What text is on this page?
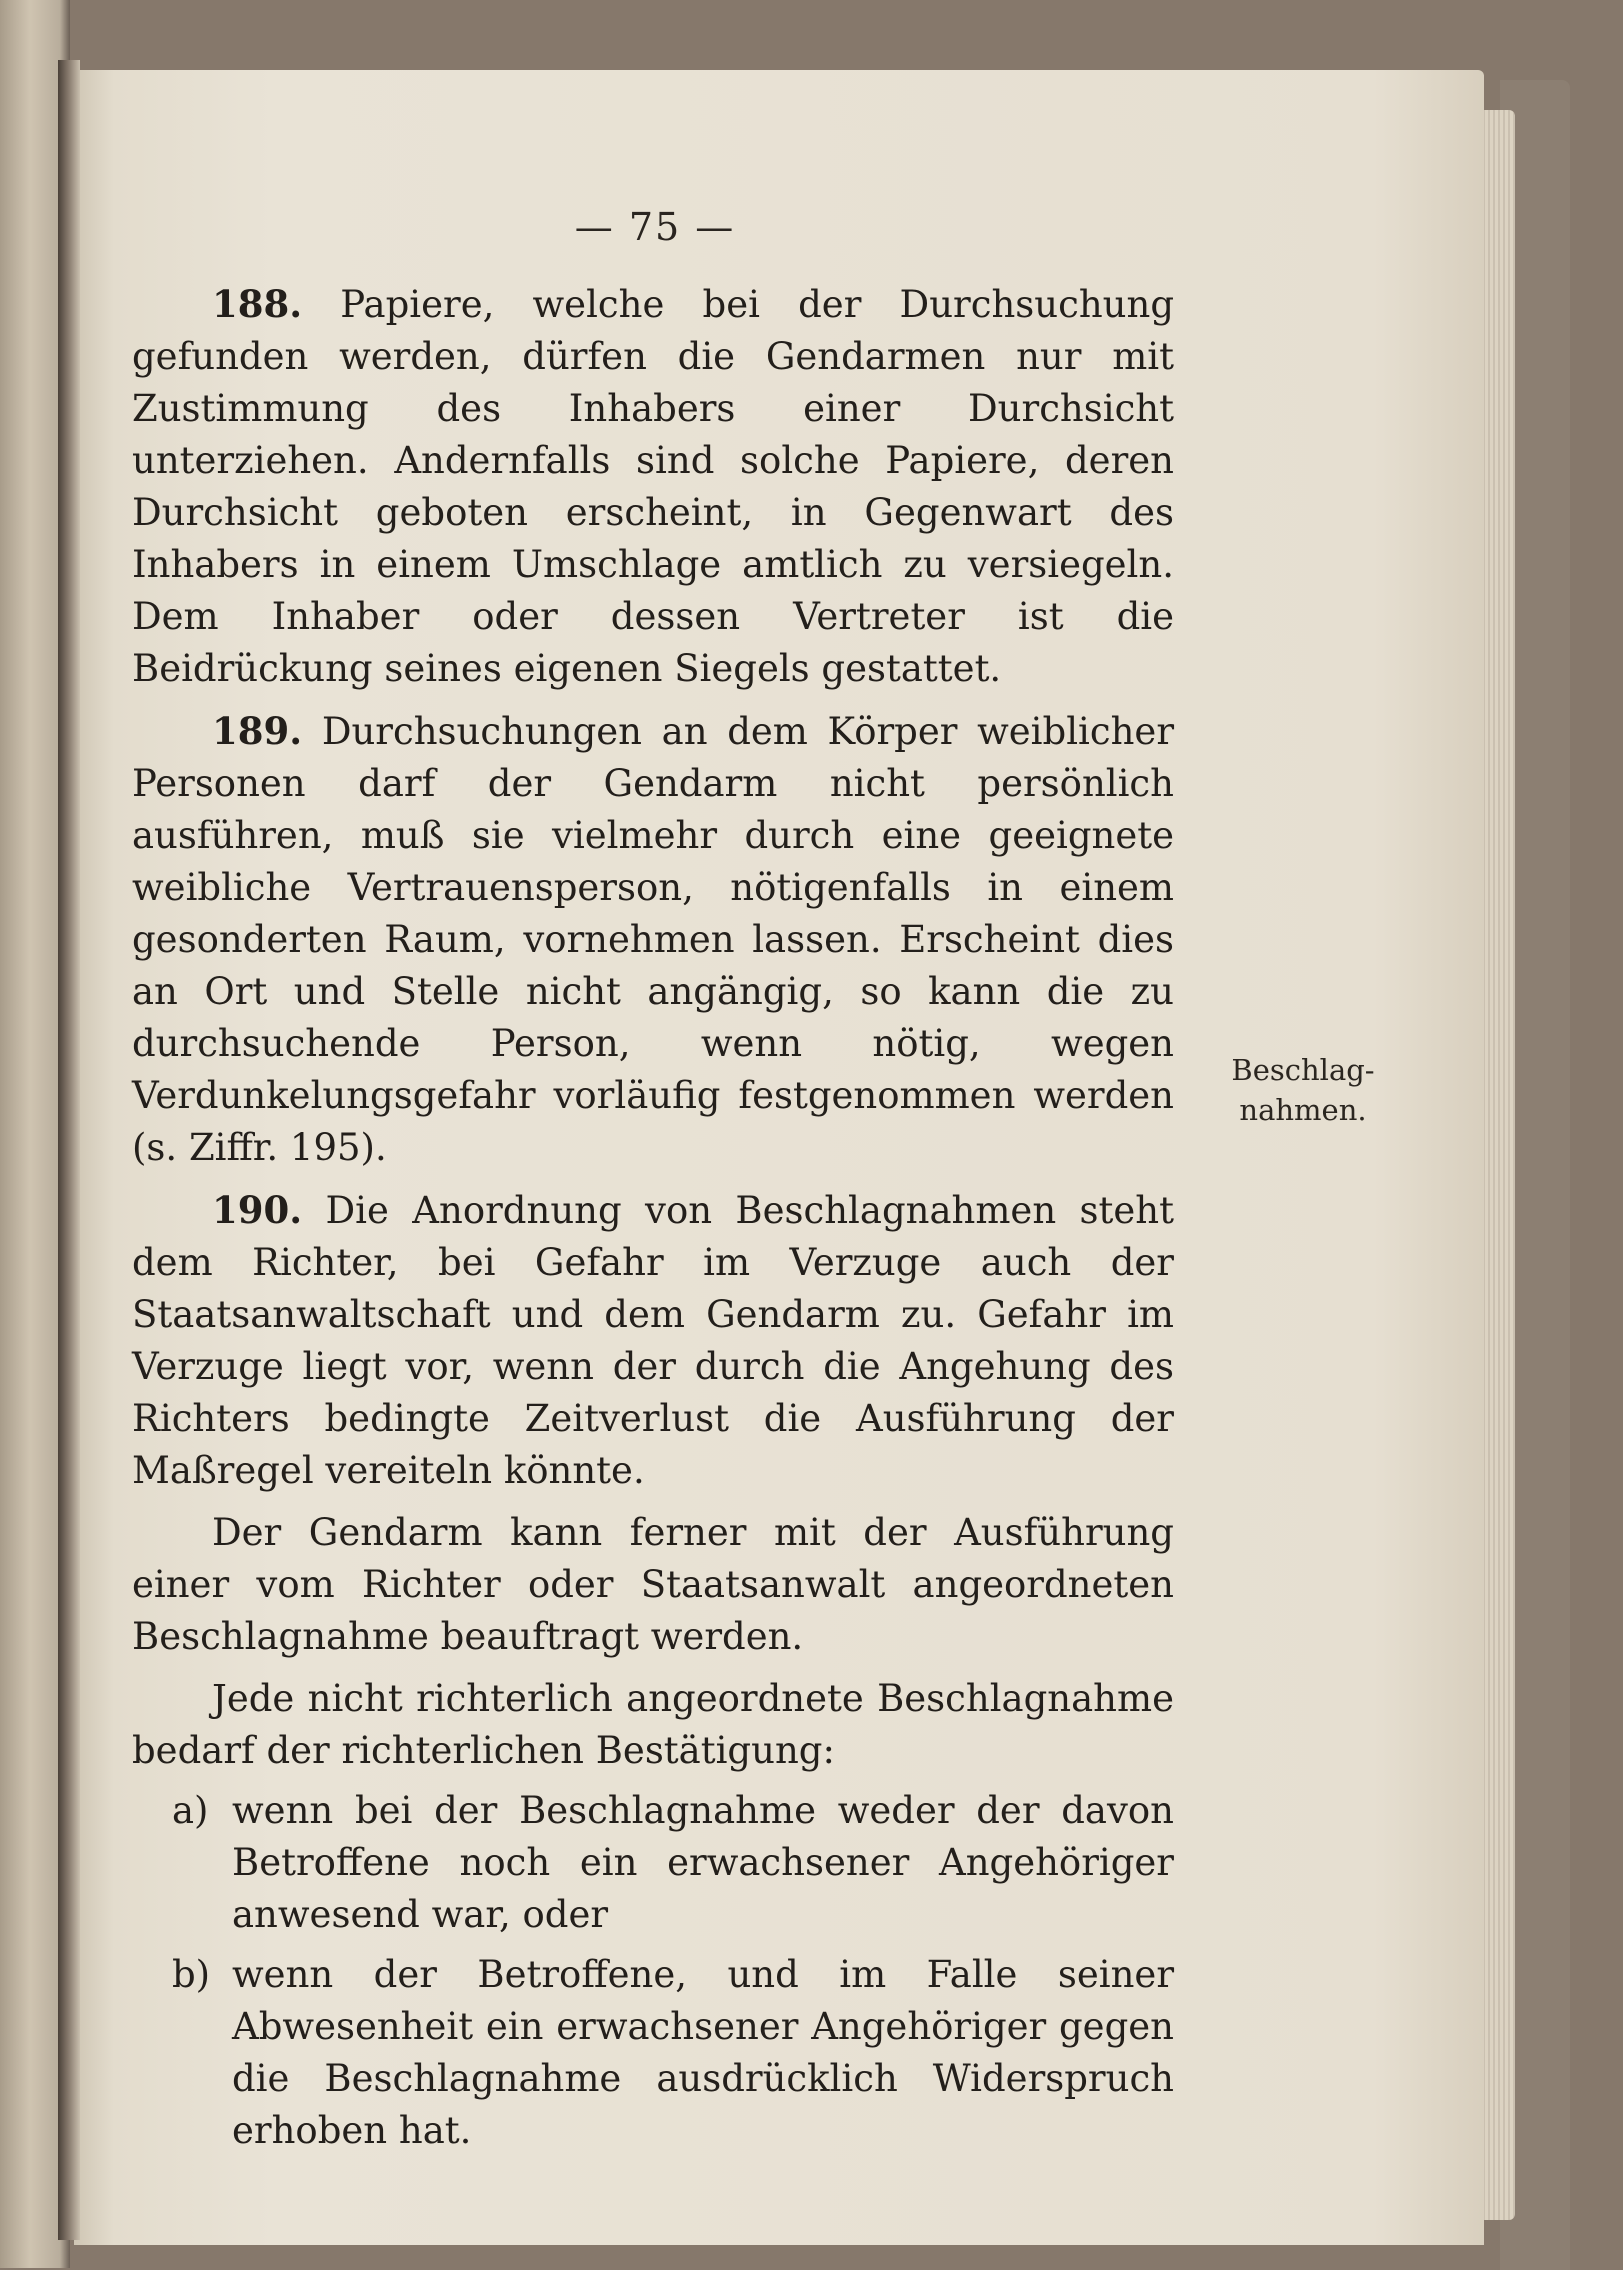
— 75 —

188. Papiere, welche bei der Durchsuchung gefunden werden, dürfen die Gendarmen nur mit Zustimmung des Inhabers einer Durchsicht unterziehen. Andernfalls sind solche Papiere, deren Durchsicht geboten erscheint, in Gegenwart des Inhabers in einem Umschlage amtlich zu versiegeln. Dem Inhaber oder dessen Vertreter ist die Beidrückung seines eigenen Siegels gestattet.

189. Durchsuchungen an dem Körper weiblicher Personen darf der Gendarm nicht persönlich ausführen, muß sie vielmehr durch eine geeignete weibliche Vertrauensperson, nötigenfalls in einem gesonderten Raum, vornehmen lassen. Erscheint dies an Ort und Stelle nicht angängig, so kann die zu durchsuchende Person, wenn nötig, wegen Verdunkelungsgefahr vorläufig festgenommen werden (s. Ziffr. 195).

190. Die Anordnung von Beschlagnahmen steht dem Richter, bei Gefahr im Verzuge auch der Staatsanwaltschaft und dem Gendarm zu. Gefahr im Verzuge liegt vor, wenn der durch die Angehung des Richters bedingte Zeitverlust die Ausführung der Maßregel vereiteln könnte.

Der Gendarm kann ferner mit der Ausführung einer vom Richter oder Staatsanwalt angeordneten Beschlagnahme beauftragt werden.

Jede nicht richterlich angeordnete Beschlagnahme bedarf der richterlichen Bestätigung:

a) wenn bei der Beschlagnahme weder der davon Betroffene noch ein erwachsener Angehöriger anwesend war, oder
b) wenn der Betroffene, und im Falle seiner Abwesenheit ein erwachsener Angehöriger gegen die Beschlagnahme ausdrücklich Widerspruch erhoben hat.
Beschlag-
nahmen.
